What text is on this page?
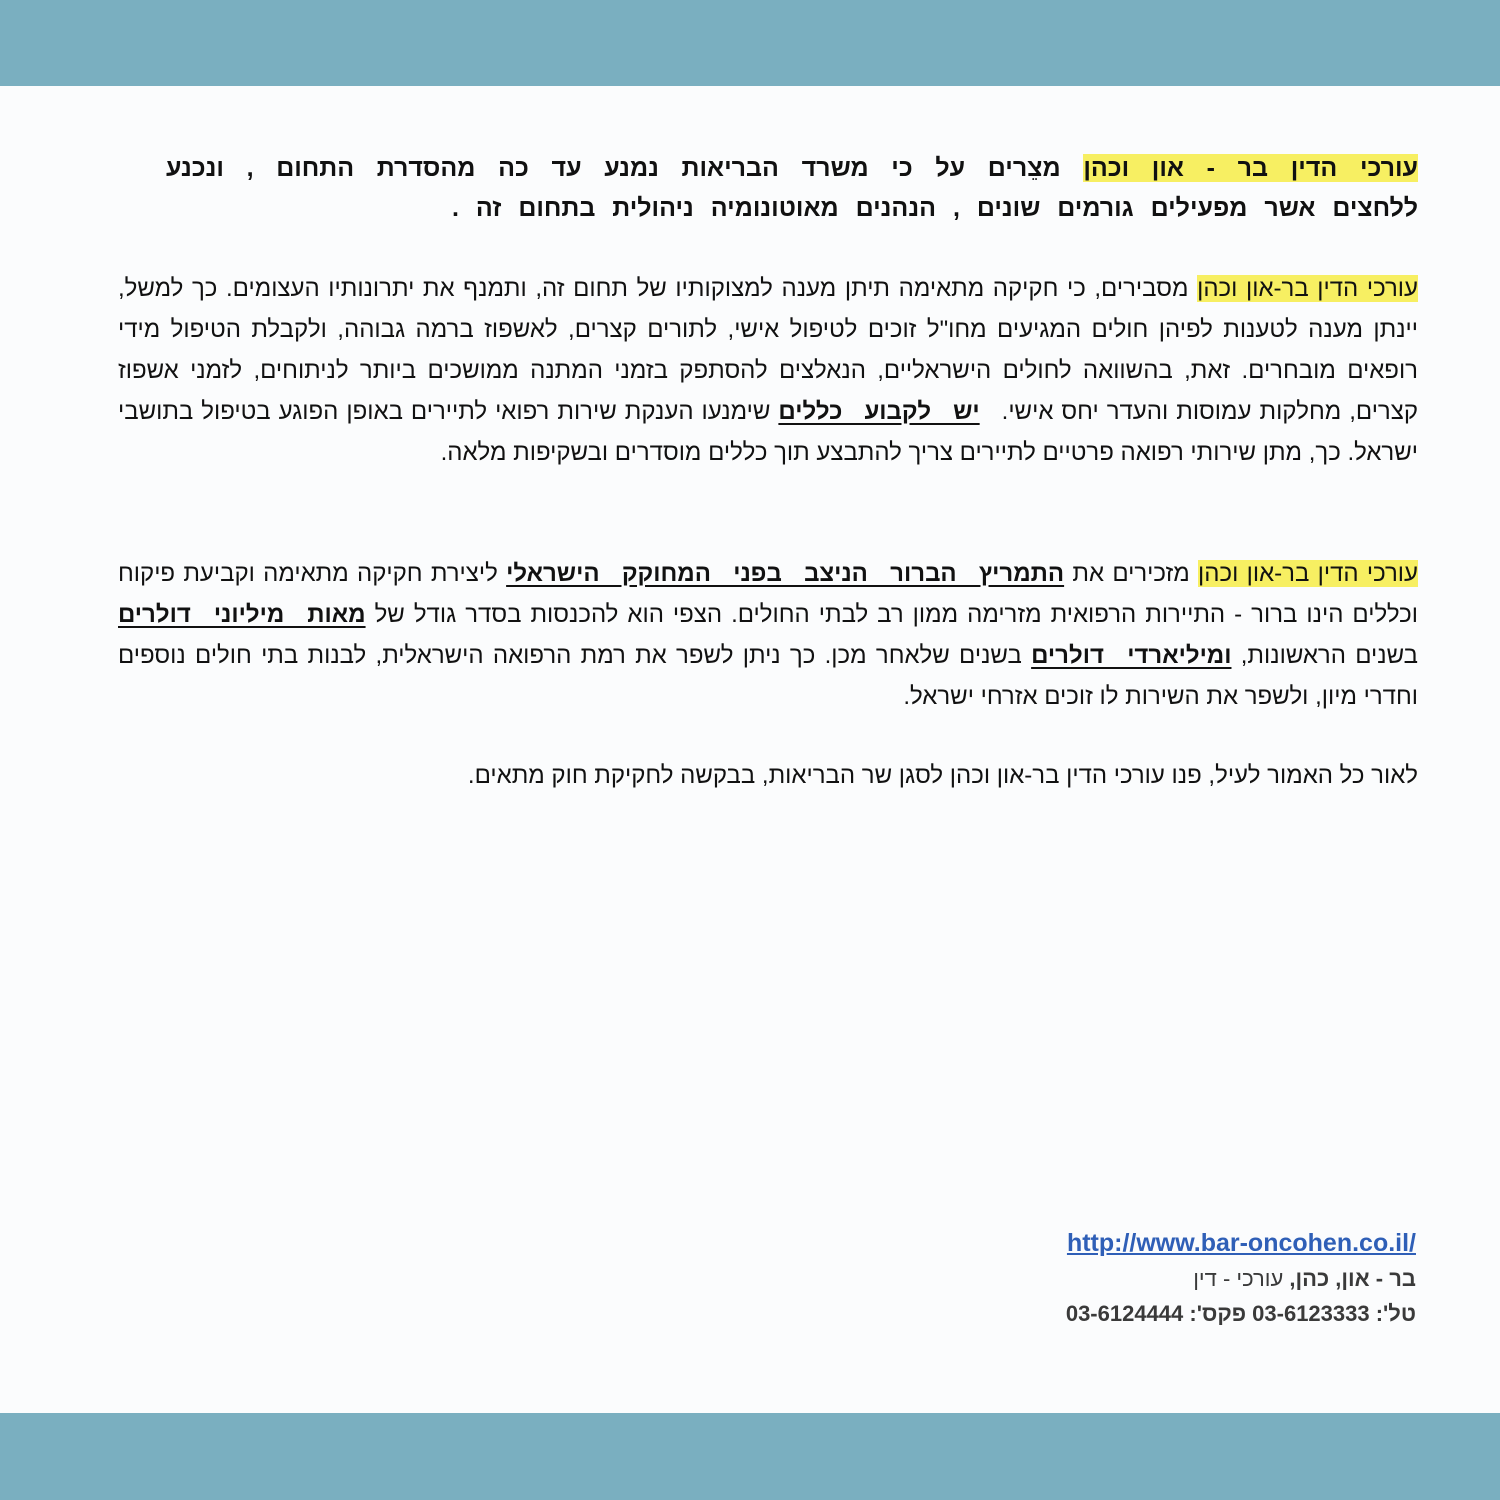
עורכי הדין בר - און וכהן מצֵרים על כי משרד הבריאות נמנע עד כה מהסדרת התחום , ונכנע ללחצים אשר מפעילים גורמים שונים , הנהנים מאוטונומיה ניהולית בתחום זה .

עורכי הדין בר-און וכהן מסבירים, כי חקיקה מתאימה תיתן מענה למצוקותיו של תחום זה, ותמנף את יתרונותיו העצומים. כך למשל, יינתן מענה לטענות לפיהן חולים המגיעים מחו"ל זוכים לטיפול אישי, לתורים קצרים, לאשפוז ברמה גבוהה, ולקבלת הטיפול מידי רופאים מובחרים. זאת, בהשוואה לחולים הישראליים, הנאלצים להסתפק בזמני המתנה ממושכים ביותר לניתוחים, לזמני אשפוז קצרים, מחלקות עמוסות והעדר יחס אישי.יש לקבוע כללים שימנעו הענקת שירות רפואי לתיירים באופן הפוגע בטיפול בתושבי ישראל. כך, מתן שירותי רפואה פרטיים לתיירים צריך להתבצע תוך כללים מוסדרים ובשקיפות מלאה.

עורכי הדין בר-און וכהן מזכירים את התמריץ הברור הניצב בפני המחוקק הישראלי ליצירת חקיקה מתאימה וקביעת פיקוח וכללים הינו ברור - התיירות הרפואית מזרימה ממון רב לבתי החולים. הצפי הוא להכנסות בסדר גודל של מאות מיליוני דולרים בשנים הראשונות, ומיליארדי דולרים בשנים שלאחר מכן. כך ניתן לשפר את רמת הרפואה הישראלית, לבנות בתי חולים נוספים וחדרי מיון, ולשפר את השירות לו זוכים אזרחי ישראל.

לאור כל האמור לעיל, פנו עורכי הדין בר-און וכהן לסגן שר הבריאות, בבקשה לחקיקת חוק מתאים.

http://www.bar-oncohen.co.il/
בר - און, כהן, עורכי - דין
טל': 03-6123333 פקס': 03-6124444
